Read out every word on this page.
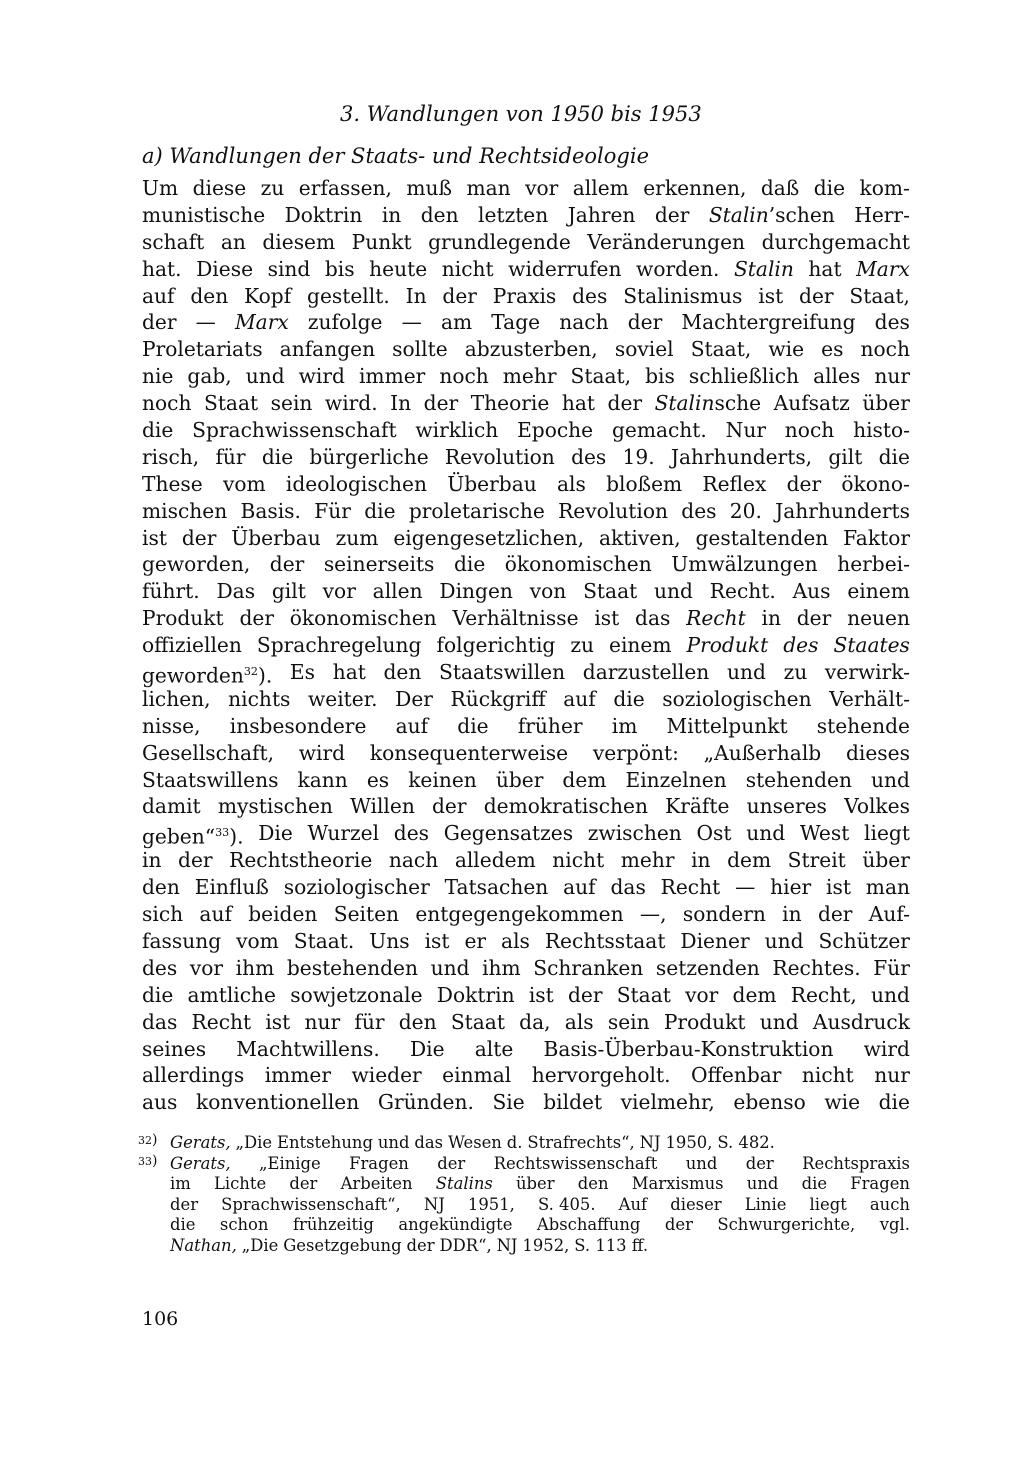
3. Wandlungen von 1950 bis 1953
a) Wandlungen der Staats- und Rechtsideologie
Um diese zu erfassen, muß man vor allem erkennen, daß die kom-
munistische Doktrin in den letzten Jahren der Stalin’schen Herr-
schaft an diesem Punkt grundlegende Veränderungen durchgemacht
hat. Diese sind bis heute nicht widerrufen worden. Stalin hat Marx
auf den Kopf gestellt. In der Praxis des Stalinismus ist der Staat,
der — Marx zufolge — am Tage nach der Machtergreifung des
Proletariats anfangen sollte abzusterben, soviel Staat, wie es noch
nie gab, und wird immer noch mehr Staat, bis schließlich alles nur
noch Staat sein wird. In der Theorie hat der Stalinsche Aufsatz über
die Sprachwissenschaft wirklich Epoche gemacht. Nur noch histo-
risch, für die bürgerliche Revolution des 19. Jahrhunderts, gilt die
These vom ideologischen Überbau als bloßem Reflex der ökono-
mischen Basis. Für die proletarische Revolution des 20. Jahrhunderts
ist der Überbau zum eigengesetzlichen, aktiven, gestaltenden Faktor
geworden, der seinerseits die ökonomischen Umwälzungen herbei-
führt. Das gilt vor allen Dingen von Staat und Recht. Aus einem
Produkt der ökonomischen Verhältnisse ist das Recht in der neuen
offiziellen Sprachregelung folgerichtig zu einem Produkt des Staates
geworden$^{32}$). Es hat den Staatswillen darzustellen und zu verwirk-
lichen, nichts weiter. Der Rückgriff auf die soziologischen Verhält-
nisse, insbesondere auf die früher im Mittelpunkt stehende
Gesellschaft, wird konsequenterweise verpönt: „Außerhalb dieses
Staatswillens kann es keinen über dem Einzelnen stehenden und
damit mystischen Willen der demokratischen Kräfte unseres Volkes
geben“$^{33}$). Die Wurzel des Gegensatzes zwischen Ost und West liegt
in der Rechtstheorie nach alledem nicht mehr in dem Streit über
den Einfluß soziologischer Tatsachen auf das Recht — hier ist man
sich auf beiden Seiten entgegengekommen —, sondern in der Auf-
fassung vom Staat. Uns ist er als Rechtsstaat Diener und Schützer
des vor ihm bestehenden und ihm Schranken setzenden Rechtes. Für
die amtliche sowjetzonale Doktrin ist der Staat vor dem Recht, und
das Recht ist nur für den Staat da, als sein Produkt und Ausdruck
seines Machtwillens. Die alte Basis-Überbau-Konstruktion wird
allerdings immer wieder einmal hervorgeholt. Offenbar nicht nur
aus konventionellen Gründen. Sie bildet vielmehr, ebenso wie die
32) Gerats, „Die Entstehung und das Wesen d. Strafrechts“, NJ 1950, S. 482.
33) Gerats, „Einige Fragen der Rechtswissenschaft und der Rechtspraxis
im Lichte der Arbeiten Stalins über den Marxismus und die Fragen
der Sprachwissenschaft“, NJ 1951, S. 405. Auf dieser Linie liegt auch
die schon frühzeitig angekündigte Abschaffung der Schwurgerichte, vgl.
Nathan, „Die Gesetzgebung der DDR“, NJ 1952, S. 113 ff.
106
